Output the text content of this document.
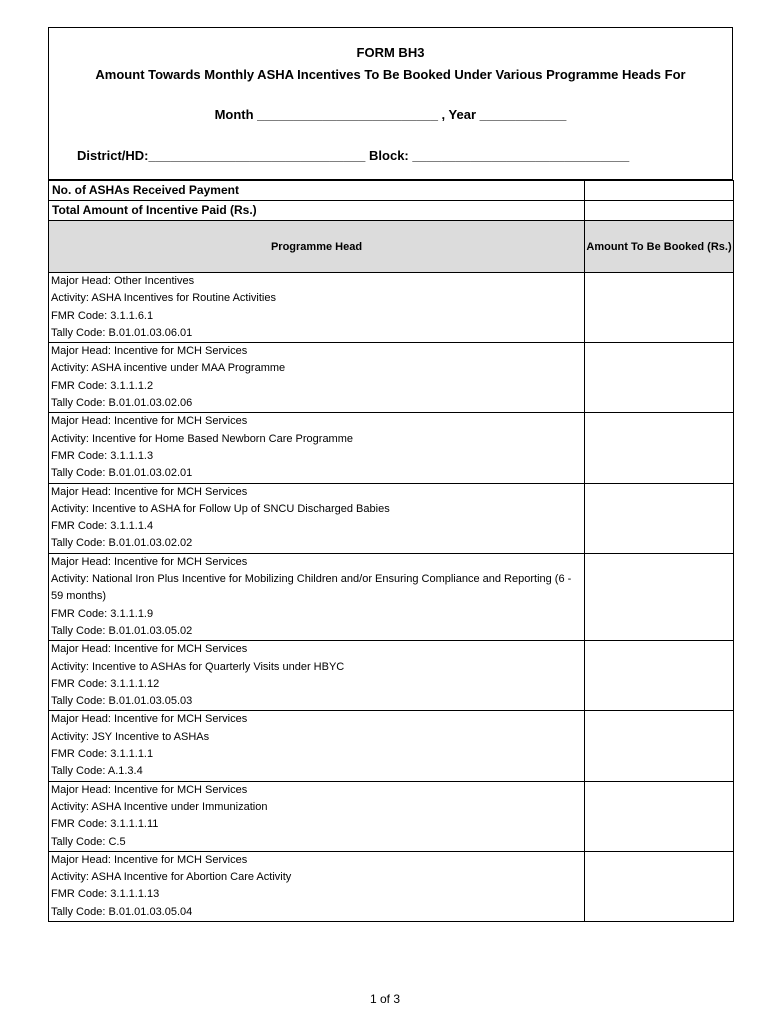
FORM BH3
Amount Towards Monthly ASHA Incentives To Be Booked Under Various Programme Heads For
Month _________________________ , Year ____________
District/HD:______________________________ Block: ______________________________
No. of ASHAs Received Payment	
Total Amount of Incentive Paid (Rs.)	
Programme Head	Amount To Be Booked (Rs.)

Major Head: Other Incentives
Activity: ASHA Incentives for Routine Activities
FMR Code: 3.1.1.6.1
Tally Code: B.01.01.03.06.01	

Major Head: Incentive for MCH Services
Activity: ASHA incentive under MAA Programme
FMR Code: 3.1.1.1.2
Tally Code: B.01.01.03.02.06	

Major Head: Incentive for MCH Services
Activity: Incentive for Home Based Newborn Care Programme
FMR Code: 3.1.1.1.3
Tally Code: B.01.01.03.02.01	

Major Head: Incentive for MCH Services
Activity: Incentive to ASHA for Follow Up of SNCU Discharged Babies
FMR Code: 3.1.1.1.4
Tally Code: B.01.01.03.02.02	

Major Head: Incentive for MCH Services
Activity: National Iron Plus Incentive for Mobilizing Children and/or Ensuring Compliance and Reporting (6 - 59 months)
FMR Code: 3.1.1.1.9
Tally Code: B.01.01.03.05.02	

Major Head: Incentive for MCH Services
Activity: Incentive to ASHAs for Quarterly Visits under HBYC
FMR Code: 3.1.1.1.12
Tally Code: B.01.01.03.05.03	

Major Head: Incentive for MCH Services
Activity: JSY Incentive to ASHAs
FMR Code: 3.1.1.1.1
Tally Code: A.1.3.4	

Major Head: Incentive for MCH Services
Activity: ASHA Incentive under Immunization
FMR Code: 3.1.1.1.11
Tally Code: C.5	

Major Head: Incentive for MCH Services
Activity: ASHA Incentive for Abortion Care Activity
FMR Code: 3.1.1.1.13
Tally Code: B.01.01.03.05.04	

1 of 3
